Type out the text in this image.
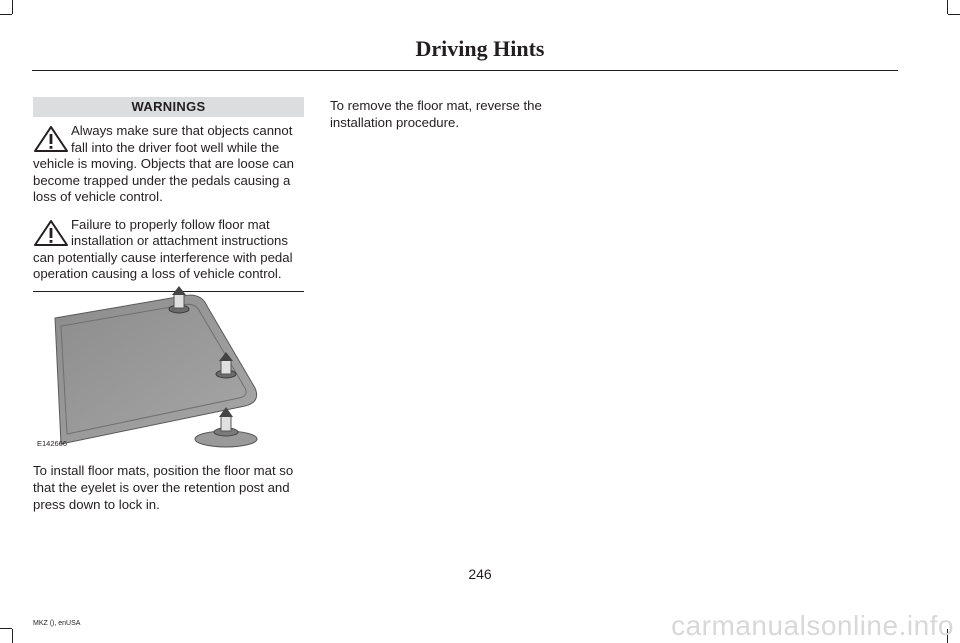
Driving Hints
WARNINGS

Always make sure that objects cannot fall into the driver foot well while the vehicle is moving. Objects that are loose can become trapped under the pedals causing a loss of vehicle control.

Failure to properly follow floor mat installation or attachment instructions can potentially cause interference with pedal operation causing a loss of vehicle control.

E142666

To install floor mats, position the floor mat so that the eyelet is over the retention post and press down to lock in.

To remove the floor mat, reverse the installation procedure.

246
MKZ (), enUSA	carmanualsonline.info
